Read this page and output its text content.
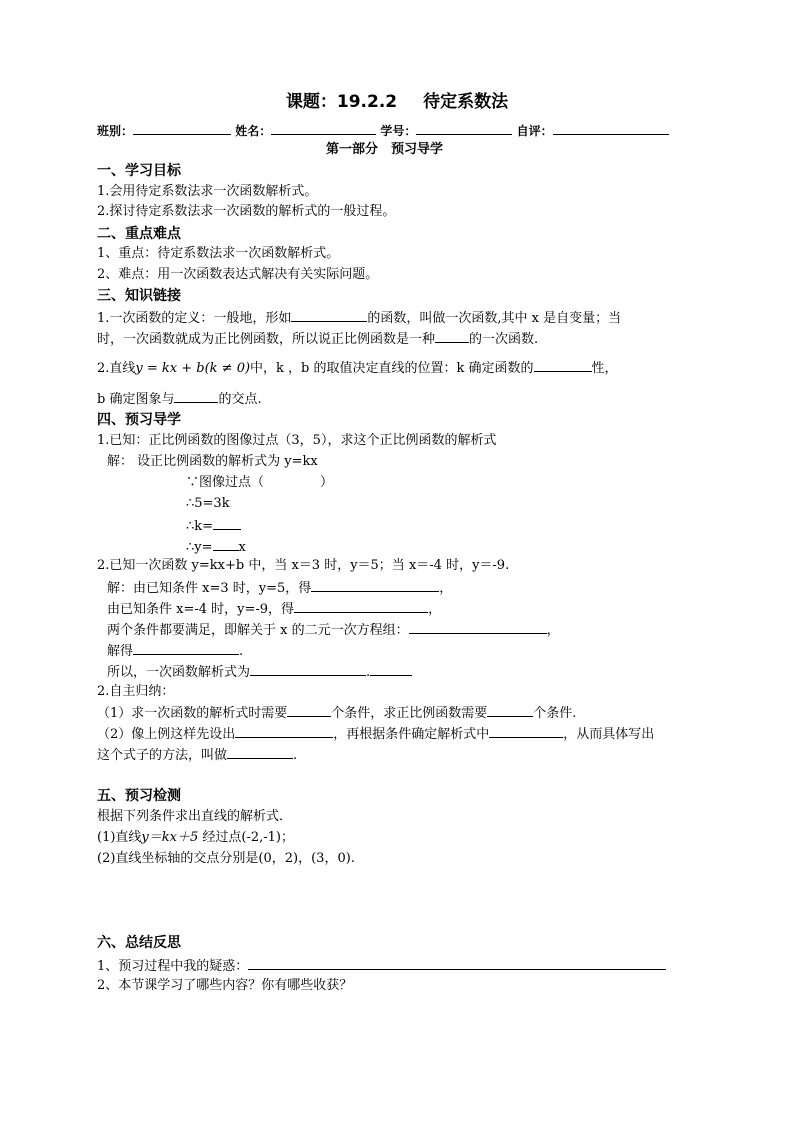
课题：19.2.2 待定系数法
班别：	姓名：	学号：	自评：
第一部分　预习导学
一、学习目标
1.会用待定系数法求一次函数解析式。
2.探讨待定系数法求一次函数的解析式的一般过程。
二、重点难点
1、重点：待定系数法求一次函数解析式。
2、难点：用一次函数表达式解决有关实际问题。
三、知识链接
1.一次函数的定义：一般地，形如	的函数，叫做一次函数,其中 x 是自变量；当
时，一次函数就成为正比例函数，所以说正比例函数是一种	的一次函数.
2.直线y = kx + b(k ≠ 0)中，k ，b 的取值决定直线的位置：k 确定函数的	性，
b 确定图象与	的交点.
四、预习导学
1.已知：正比例函数的图像过点（3，5），求这个正比例函数的解析式
解： 设正比例函数的解析式为 y=kx
∵图像过点（	）
∴5=3k
∴k=
∴y= x
2.已知一次函数 y=kx+b 中，当 x＝3 时，y＝5；当 x＝-4 时，y＝-9.
解：由已知条件 x=3 时，y=5，得	，
由已知条件 x=-4 时，y=-9，得	，
两个条件都要满足，即解关于 x 的二元一次方程组：	，
解得	.
所以，一次函数解析式为	.
2.自主归纳：
（1）求一次函数的解析式时需要	个条件，求正比例函数需要	个条件.
（2）像上例这样先设出	，再根据条件确定解析式中	，从而具体写出
这个式子的方法，叫做	.
五、预习检测
根据下列条件求出直线的解析式．
(1)直线y＝kx＋5 经过点(-2,-1)；
(2)直线坐标轴的交点分别是(0，2)，(3，0).
六、总结反思
1、预习过程中我的疑惑：
2、本节课学习了哪些内容？你有哪些收获？
